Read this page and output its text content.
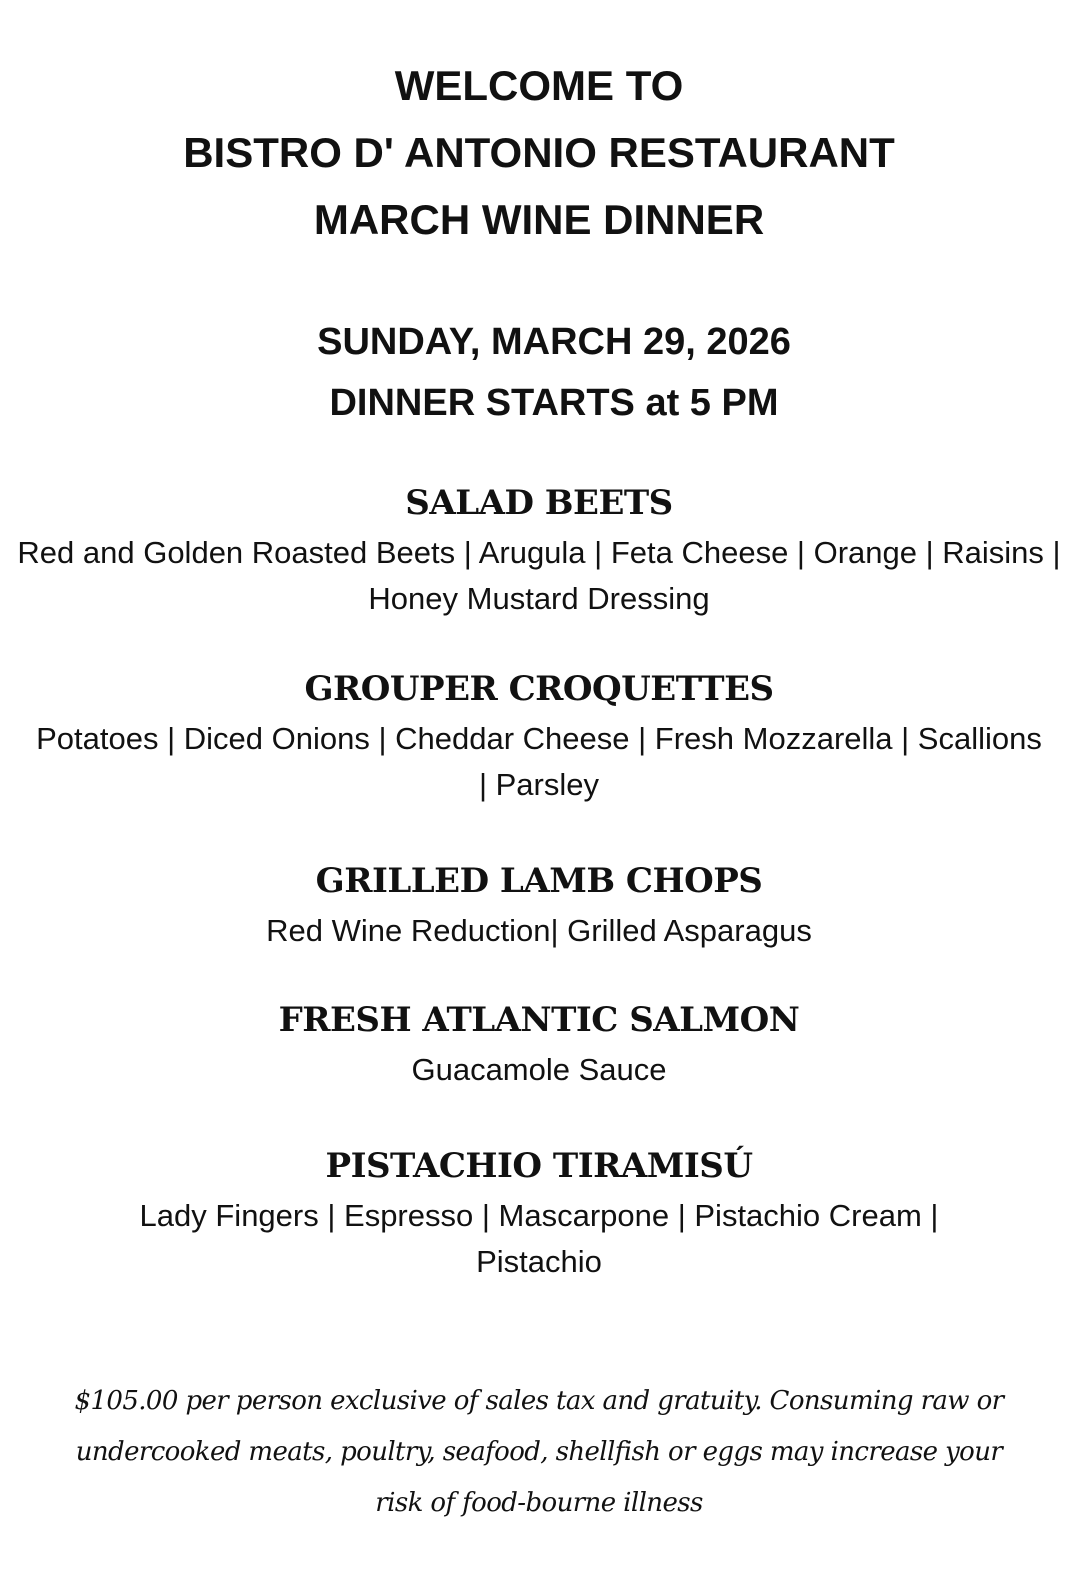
WELCOME TO
BISTRO D' ANTONIO RESTAURANT
MARCH WINE DINNER
SUNDAY, MARCH 29, 2026
DINNER STARTS at 5 PM
SALAD BEETS
Red and Golden Roasted Beets | Arugula | Feta Cheese | Orange | Raisins | Honey Mustard Dressing
GROUPER CROQUETTES
Potatoes | Diced Onions | Cheddar Cheese | Fresh Mozzarella | Scallions | Parsley
GRILLED LAMB CHOPS
Red Wine Reduction| Grilled Asparagus
FRESH ATLANTIC SALMON
Guacamole Sauce
PISTACHIO TIRAMISÚ
Lady Fingers | Espresso | Mascarpone | Pistachio Cream | Pistachio
$105.00 per person exclusive of sales tax and gratuity. Consuming raw or undercooked meats, poultry, seafood, shellfish or eggs may increase your risk of food-bourne illness
